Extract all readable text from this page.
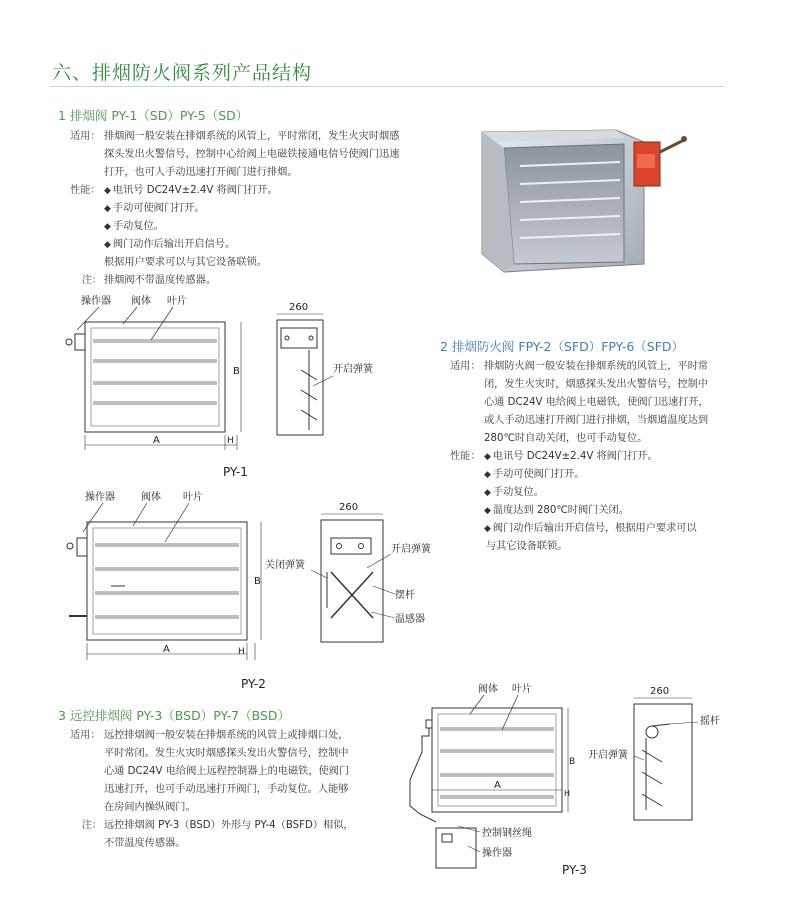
六、排烟防火阀系列产品结构
1 排烟阀 PY-1（SD）PY-5（SD）
适用： 排烟阀一般安装在排烟系统的风管上，平时常闭，发生火灾时烟感
探头发出火警信号，控制中心给阀上电磁铁接通电信号使阀门迅速
打开，也可人手动迅速打开阀门进行排烟。
性能：	◆ 电讯号 DC24V±2.4V 将阀门打开。
◆ 手动可使阀门打开。
◆ 手动复位。
◆ 阀门动作后输出开启信号。
根据用户要求可以与其它设备联锁。
注： 排烟阀不带温度传感器。
操作器 阀体 叶片
A	H
B
260
开启弹簧
PY-1
2 排烟防火阀 FPY-2（SFD）FPY-6（SFD）
适用： 排烟防火阀一般安装在排烟系统的风管上，平时常
闭，发生火灾时，烟感探头发出火警信号，控制中
心通 DC24V 电给阀上电磁铁，使阀门迅速打开，
或人手动迅速打开阀门进行排烟，当烟道温度达到
280℃时自动关闭，也可手动复位。
性能：	◆ 电讯号 DC24V±2.4V 将阀门打开。
◆ 手动可使阀门打开。
◆ 手动复位。
◆ 温度达到 280℃时阀门关闭。
◆ 阀门动作后输出开启信号，根据用户要求可以
与其它设备联锁。
操作器	阀体 叶片
A	H
B
260
关闭弹簧
开启弹簧
摆杆
温感器
PY-2
3 远控排烟阀 PY-3（BSD）PY-7（BSD）
适用： 远控排烟阀一般安装在排烟系统的风管上或排烟口处，
平时常闭。发生火灾时烟感探头发出火警信号，控制中
心通 DC24V 电给阀上远程控制器上的电磁铁，使阀门
迅速打开，也可手动迅速打开阀门，手动复位。人能够
在房间内操纵阀门。
注： 远控排烟阀 PY-3（BSD）外形与 PY-4（BSFD）相似，
不带温度传感器。
阀体 叶片
A
B
H
控制钢丝绳
操作器
260
开启弹簧
摇杆
PY-3
